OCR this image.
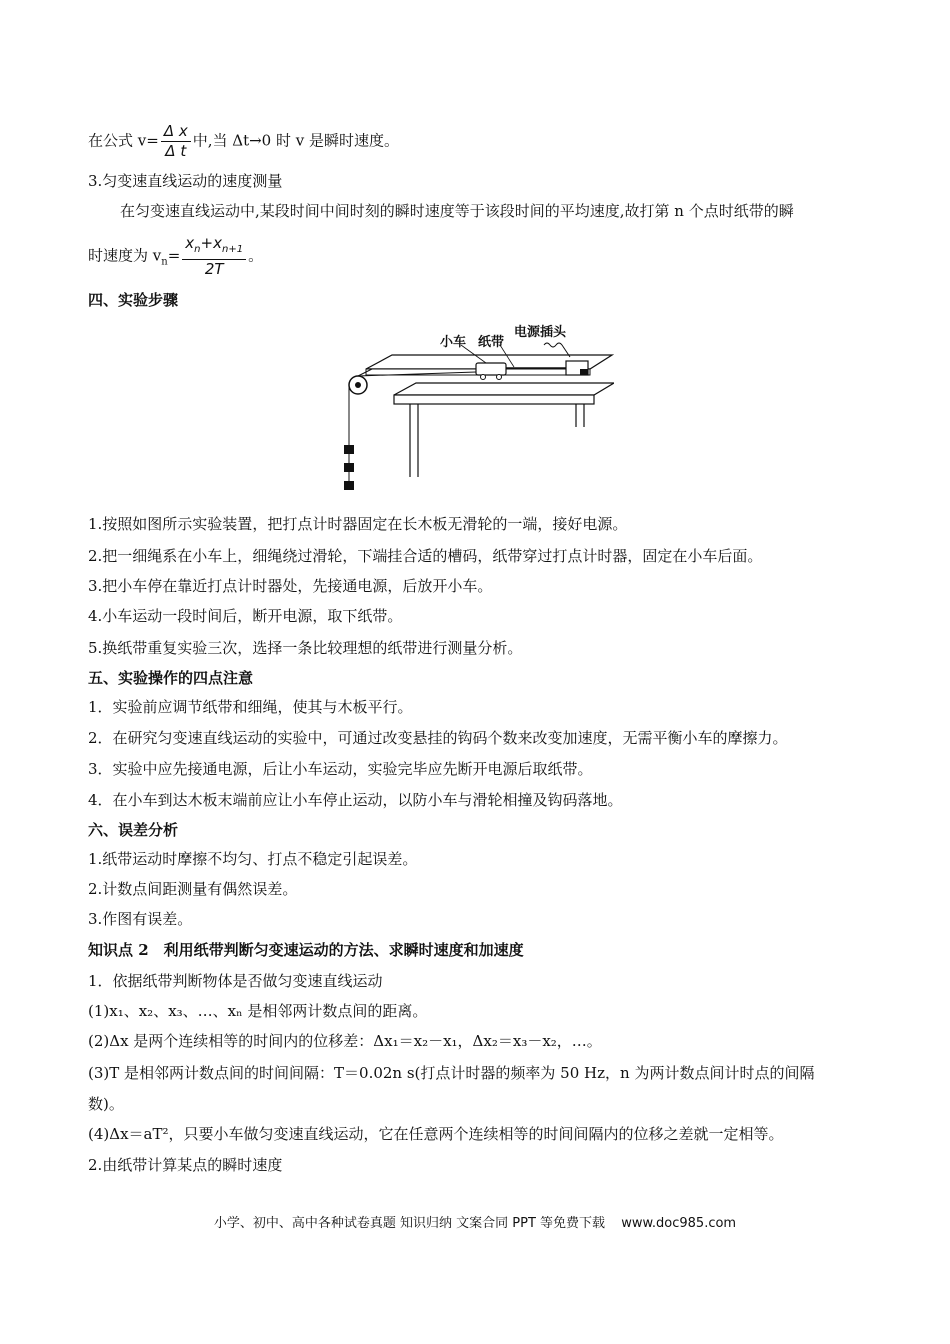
在公式 $v= \frac{\text{Δ x}}{\text{Δ t}}$ 中,当 Δt→0 时 v 是瞬时速度。
3.匀变速直线运动的速度测量
在匀变速直线运动中,某段时间中间时刻的瞬时速度等于该段时间的平均速度,故打第 n 个点时纸带的瞬
时速度为 $v_n= \frac{x_n+x_{n+1}}{2T}$ 。
四、实验步骤
小车 纸带
电源插头
1.按照如图所示实验装置，把打点计时器固定在长木板无滑轮的一端，接好电源。
2.把一细绳系在小车上，细绳绕过滑轮，下端挂合适的槽码，纸带穿过打点计时器，固定在小车后面。
3.把小车停在靠近打点计时器处，先接通电源，后放开小车。
4.小车运动一段时间后，断开电源，取下纸带。
5.换纸带重复实验三次，选择一条比较理想的纸带进行测量分析。
五、实验操作的四点注意
1．实验前应调节纸带和细绳，使其与木板平行。
2．在研究匀变速直线运动的实验中，可通过改变悬挂的钩码个数来改变加速度，无需平衡小车的摩擦力。
3．实验中应先接通电源，后让小车运动，实验完毕应先断开电源后取纸带。
4．在小车到达木板末端前应让小车停止运动，以防小车与滑轮相撞及钩码落地。
六、误差分析
1.纸带运动时摩擦不均匀、打点不稳定引起误差。
2.计数点间距测量有偶然误差。
3.作图有误差。
知识点 2　利用纸带判断匀变速运动的方法、求瞬时速度和加速度
1．依据纸带判断物体是否做匀变速直线运动
(1)x₁、x₂、x₃、…、xₙ 是相邻两计数点间的距离。
(2)Δx 是两个连续相等的时间内的位移差：Δx₁＝x₂－x₁，Δx₂＝x₃－x₂，…。
(3)T 是相邻两计数点间的时间间隔：T＝0.02n s(打点计时器的频率为 50 Hz，n 为两计数点间计时点的间隔
数)。
(4)Δx＝aT²，只要小车做匀变速直线运动，它在任意两个连续相等的时间间隔内的位移之差就一定相等。
2.由纸带计算某点的瞬时速度
小学、初中、高中各种试卷真题 知识归纳 文案合同 PPT 等免费下载 www.doc985.com
